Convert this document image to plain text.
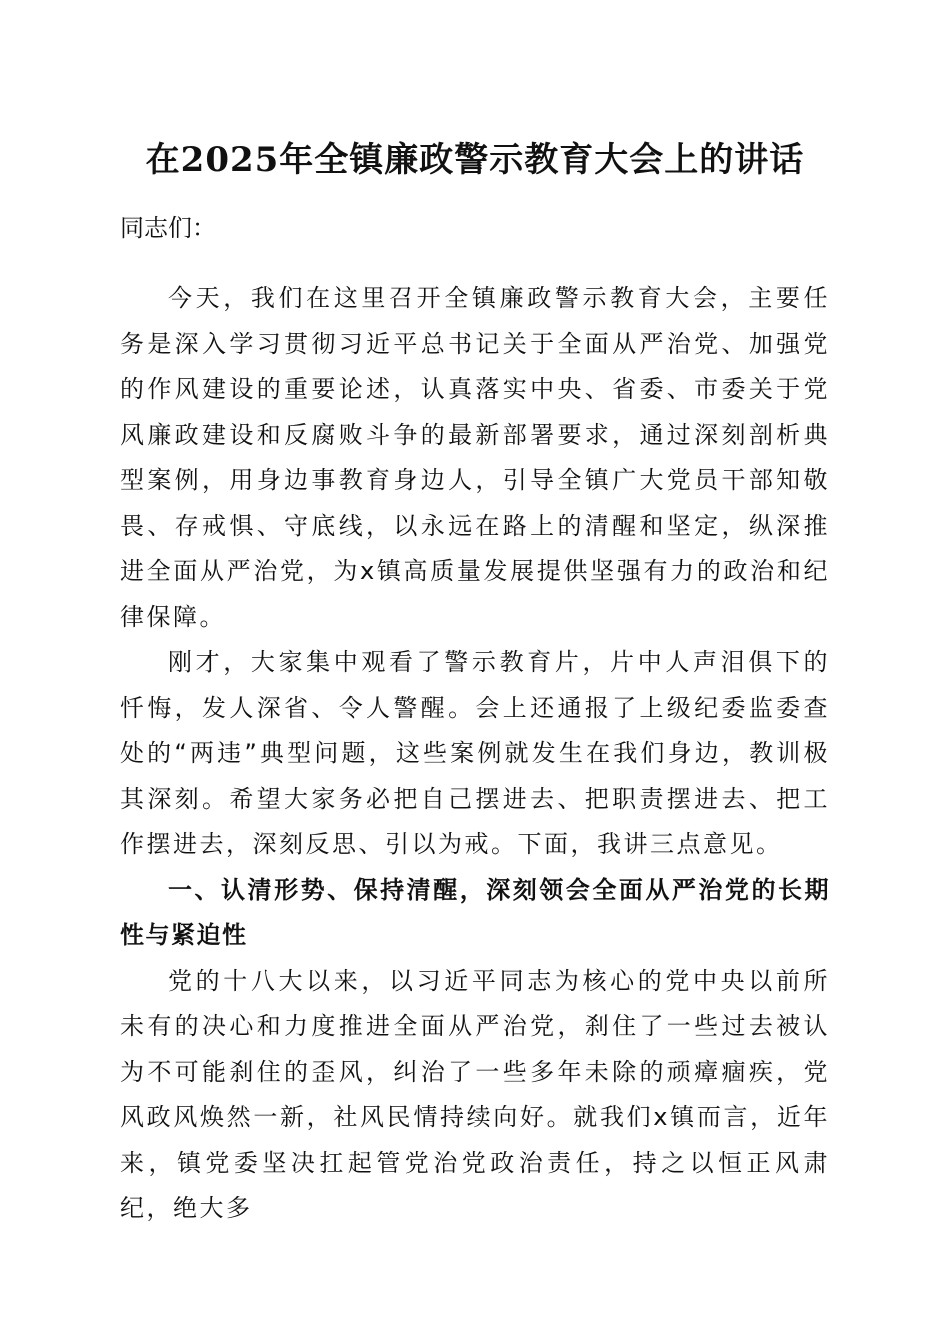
在2025年全镇廉政警示教育大会上的讲话
同志们：

今天，我们在这里召开全镇廉政警示教育大会，主要任务是深入学习贯彻习近平总书记关于全面从严治党、加强党的作风建设的重要论述，认真落实中央、省委、市委关于党风廉政建设和反腐败斗争的最新部署要求，通过深刻剖析典型案例，用身边事教育身边人，引导全镇广大党员干部知敬畏、存戒惧、守底线，以永远在路上的清醒和坚定，纵深推进全面从严治党，为x镇高质量发展提供坚强有力的政治和纪律保障。

刚才，大家集中观看了警示教育片，片中人声泪俱下的忏悔，发人深省、令人警醒。会上还通报了上级纪委监委查处的“两违”典型问题，这些案例就发生在我们身边，教训极其深刻。希望大家务必把自己摆进去、把职责摆进去、把工作摆进去，深刻反思、引以为戒。下面，我讲三点意见。

一、认清形势、保持清醒，深刻领会全面从严治党的长期性与紧迫性

党的十八大以来，以习近平同志为核心的党中央以前所未有的决心和力度推进全面从严治党，刹住了一些过去被认为不可能刹住的歪风，纠治了一些多年未除的顽瘴痼疾，党风政风焕然一新，社风民情持续向好。就我们x镇而言，近年来，镇党委坚决扛起管党治党政治责任，持之以恒正风肃纪，绝大多
